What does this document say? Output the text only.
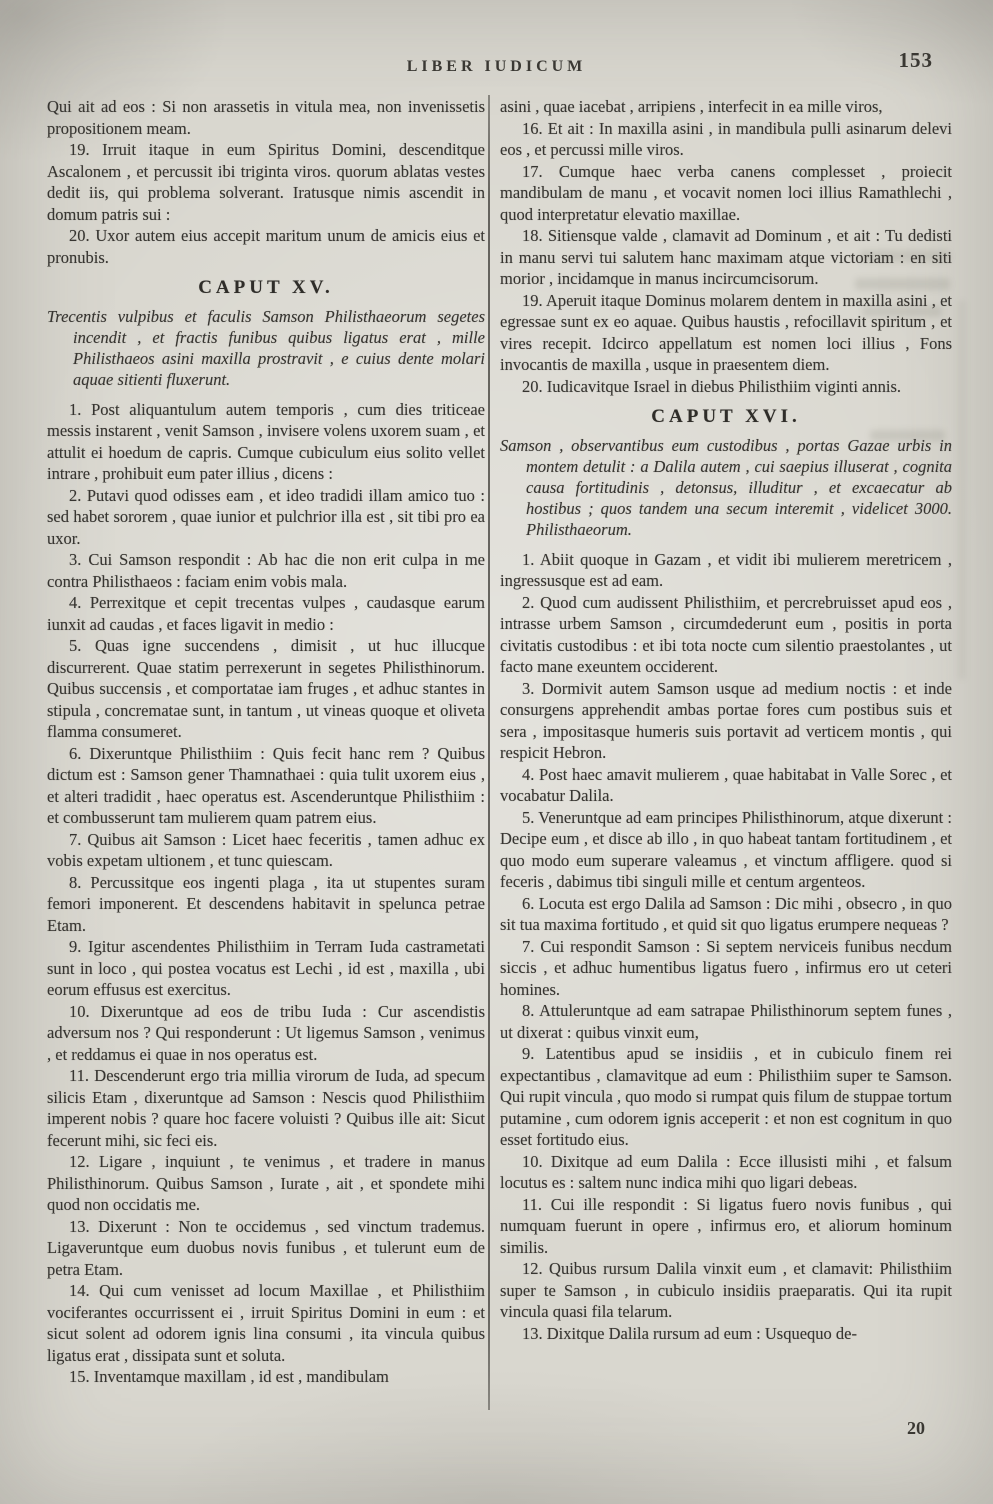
LIBER IUDICUM	153

Qui ait ad eos : Si non arassetis in vitula mea, non invenissetis propositionem meam.

19. Irruit itaque in eum Spiritus Domini, descenditque Ascalonem , et percussit ibi triginta viros. quorum ablatas vestes dedit iis, qui problema solverant. Iratusque nimis ascendit in domum patris sui :

20. Uxor autem eius accepit maritum unum de amicis eius et pronubis.

CAPUT XV.

Trecentis vulpibus et faculis Samson Philisthaeorum segetes incendit , et fractis funibus quibus ligatus erat , mille Philisthaeos asini maxilla prostravit , e cuius dente molari aquae sitienti fluxerunt.

1. Post aliquantulum autem temporis , cum dies triticeae messis instarent , venit Samson , invisere volens uxorem suam , et attulit ei hoedum de capris. Cumque cubiculum eius solito vellet intrare , prohibuit eum pater illius , dicens :

2. Putavi quod odisses eam , et ideo tradidi illam amico tuo : sed habet sororem , quae iunior et pulchrior illa est , sit tibi pro ea uxor.

3. Cui Samson respondit : Ab hac die non erit culpa in me contra Philisthaeos : faciam enim vobis mala.

4. Perrexitque et cepit trecentas vulpes , caudasque earum iunxit ad caudas , et faces ligavit in medio :

5. Quas igne succendens , dimisit , ut huc illucque discurrerent. Quae statim perrexerunt in segetes Philisthinorum. Quibus succensis , et comportatae iam fruges , et adhuc stantes in stipula , concrematae sunt, in tantum , ut vineas quoque et oliveta flamma consumeret.

6. Dixeruntque Philisthiim : Quis fecit hanc rem ? Quibus dictum est : Samson gener Thamnathaei : quia tulit uxorem eius , et alteri tradidit , haec operatus est. Ascenderuntque Philisthiim : et combusserunt tam mulierem quam patrem eius.

7. Quibus ait Samson : Licet haec feceritis , tamen adhuc ex vobis expetam ultionem , et tunc quiescam.

8. Percussitque eos ingenti plaga , ita ut stupentes suram femori imponerent. Et descendens habitavit in spelunca petrae Etam.

9. Igitur ascendentes Philisthiim in Terram Iuda castrametati sunt in loco , qui postea vocatus est Lechi , id est , maxilla , ubi eorum effusus est exercitus.

10. Dixeruntque ad eos de tribu Iuda : Cur ascendistis adversum nos ? Qui responderunt : Ut ligemus Samson , venimus , et reddamus ei quae in nos operatus est.

11. Descenderunt ergo tria millia virorum de Iuda, ad specum silicis Etam , dixeruntque ad Samson : Nescis quod Philisthiim imperent nobis ? quare hoc facere voluisti ? Quibus ille ait: Sicut fecerunt mihi, sic feci eis.

12. Ligare , inquiunt , te venimus , et tradere in manus Philisthinorum. Quibus Samson , Iurate , ait , et spondete mihi quod non occidatis me.

13. Dixerunt : Non te occidemus , sed vinctum trademus. Ligaveruntque eum duobus novis funibus , et tulerunt eum de petra Etam.

14. Qui cum venisset ad locum Maxillae , et Philisthiim vociferantes occurrissent ei , irruit Spiritus Domini in eum : et sicut solent ad odorem ignis lina consumi , ita vincula quibus ligatus erat , dissipata sunt et soluta.

15. Inventamque maxillam , id est , mandibulam

asini , quae iacebat , arripiens , interfecit in ea mille viros,

16. Et ait : In maxilla asini , in mandibula pulli asinarum delevi eos , et percussi mille viros.

17. Cumque haec verba canens complesset , proiecit mandibulam de manu , et vocavit nomen loci illius Ramathlechi , quod interpretatur elevatio maxillae.

18. Sitiensque valde , clamavit ad Dominum , et ait : Tu dedisti in manu servi tui salutem hanc maximam atque victoriam : en siti morior , incidamque in manus incircumcisorum.

19. Aperuit itaque Dominus molarem dentem in maxilla asini , et egressae sunt ex eo aquae. Quibus haustis , refocillavit spiritum , et vires recepit. Idcirco appellatum est nomen loci illius , Fons invocantis de maxilla , usque in praesentem diem.

20. Iudicavitque Israel in diebus Philisthiim viginti annis.

CAPUT XVI.

Samson , observantibus eum custodibus , portas Gazae urbis in montem detulit : a Dalila autem , cui saepius illuserat , cognita causa fortitudinis , detonsus, illuditur , et excaecatur ab hostibus ; quos tandem una secum interemit , videlicet 3000. Philisthaeorum.

1. Abiit quoque in Gazam , et vidit ibi mulierem meretricem , ingressusque est ad eam.

2. Quod cum audissent Philisthiim, et percrebruisset apud eos , intrasse urbem Samson , circumdederunt eum , positis in porta civitatis custodibus : et ibi tota nocte cum silentio praestolantes , ut facto mane exeuntem occiderent.

3. Dormivit autem Samson usque ad medium noctis : et inde consurgens apprehendit ambas portae fores cum postibus suis et sera , impositasque humeris suis portavit ad verticem montis , qui respicit Hebron.

4. Post haec amavit mulierem , quae habitabat in Valle Sorec , et vocabatur Dalila.

5. Veneruntque ad eam principes Philisthinorum, atque dixerunt : Decipe eum , et disce ab illo , in quo habeat tantam fortitudinem , et quo modo eum superare valeamus , et vinctum affligere. quod si feceris , dabimus tibi singuli mille et centum argenteos.

6. Locuta est ergo Dalila ad Samson : Dic mihi , obsecro , in quo sit tua maxima fortitudo , et quid sit quo ligatus erumpere nequeas ?

7. Cui respondit Samson : Si septem nerviceis funibus necdum siccis , et adhuc humentibus ligatus fuero , infirmus ero ut ceteri homines.

8. Attuleruntque ad eam satrapae Philisthinorum septem funes , ut dixerat : quibus vinxit eum,

9. Latentibus apud se insidiis , et in cubiculo finem rei expectantibus , clamavitque ad eum : Philisthiim super te Samson. Qui rupit vincula , quo modo si rumpat quis filum de stuppae tortum putamine , cum odorem ignis acceperit : et non est cognitum in quo esset fortitudo eius.

10. Dixitque ad eum Dalila : Ecce illusisti mihi , et falsum locutus es : saltem nunc indica mihi quo ligari debeas.

11. Cui ille respondit : Si ligatus fuero novis funibus , qui numquam fuerunt in opere , infirmus ero, et aliorum hominum similis.

12. Quibus rursum Dalila vinxit eum , et clamavit: Philisthiim super te Samson , in cubiculo insidiis praeparatis. Qui ita rupit vincula quasi fila telarum.

13. Dixitque Dalila rursum ad eum : Usquequo de-

20
